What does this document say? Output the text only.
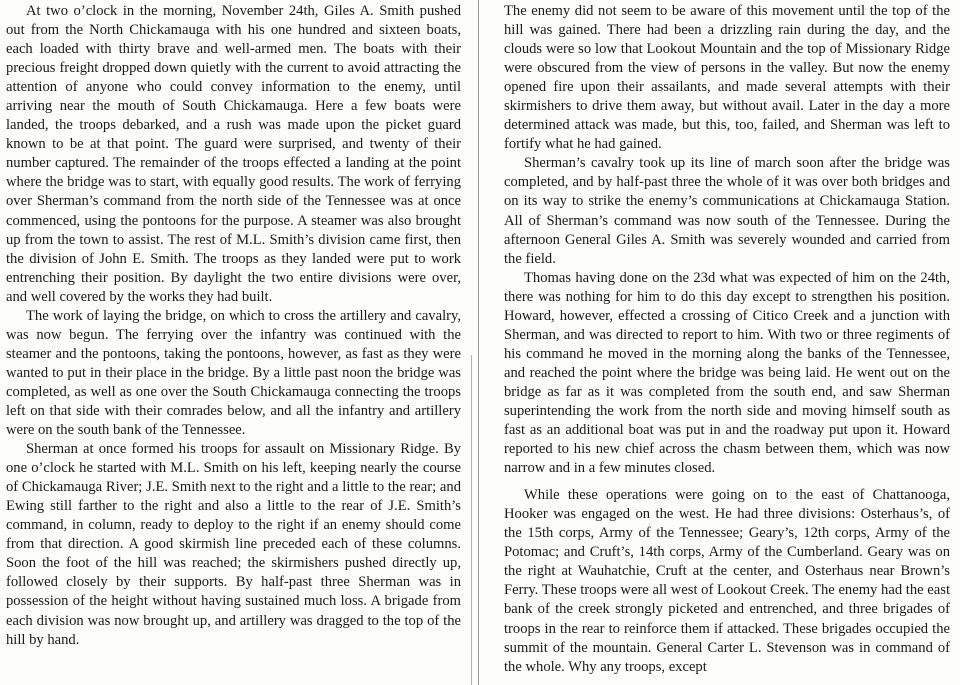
At two o’clock in the morning, November 24th, Giles A. Smith pushed out from the North Chickamauga with his one hundred and sixteen boats, each loaded with thirty brave and well-armed men. The boats with their precious freight dropped down quietly with the current to avoid attracting the attention of anyone who could convey information to the enemy, until arriving near the mouth of South Chickamauga. Here a few boats were landed, the troops debarked, and a rush was made upon the picket guard known to be at that point. The guard were surprised, and twenty of their number captured. The remainder of the troops effected a landing at the point where the bridge was to start, with equally good results. The work of ferrying over Sherman’s command from the north side of the Tennessee was at once commenced, using the pontoons for the purpose. A steamer was also brought up from the town to assist. The rest of M.L. Smith’s division came first, then the division of John E. Smith. The troops as they landed were put to work entrenching their position. By daylight the two entire divisions were over, and well covered by the works they had built.

The work of laying the bridge, on which to cross the artillery and cavalry, was now begun. The ferrying over the infantry was continued with the steamer and the pontoons, taking the pontoons, however, as fast as they were wanted to put in their place in the bridge. By a little past noon the bridge was completed, as well as one over the South Chickamauga connecting the troops left on that side with their comrades below, and all the infantry and artillery were on the south bank of the Tennessee.

Sherman at once formed his troops for assault on Missionary Ridge. By one o’clock he started with M.L. Smith on his left, keeping nearly the course of Chickamauga River; J.E. Smith next to the right and a little to the rear; and Ewing still farther to the right and also a little to the rear of J.E. Smith’s command, in column, ready to deploy to the right if an enemy should come from that direction. A good skirmish line preceded each of these columns. Soon the foot of the hill was reached; the skirmishers pushed directly up, followed closely by their supports. By half-past three Sherman was in possession of the height without having sustained much loss. A brigade from each division was now brought up, and artillery was dragged to the top of the hill by hand.

The enemy did not seem to be aware of this movement until the top of the hill was gained. There had been a drizzling rain during the day, and the clouds were so low that Lookout Mountain and the top of Missionary Ridge were obscured from the view of persons in the valley. But now the enemy opened fire upon their assailants, and made several attempts with their skirmishers to drive them away, but without avail. Later in the day a more determined attack was made, but this, too, failed, and Sherman was left to fortify what he had gained.

Sherman’s cavalry took up its line of march soon after the bridge was completed, and by half-past three the whole of it was over both bridges and on its way to strike the enemy’s communications at Chickamauga Station. All of Sherman’s command was now south of the Tennessee. During the afternoon General Giles A. Smith was severely wounded and carried from the field.

Thomas having done on the 23d what was expected of him on the 24th, there was nothing for him to do this day except to strengthen his position. Howard, however, effected a crossing of Citico Creek and a junction with Sherman, and was directed to report to him. With two or three regiments of his command he moved in the morning along the banks of the Tennessee, and reached the point where the bridge was being laid. He went out on the bridge as far as it was completed from the south end, and saw Sherman superintending the work from the north side and moving himself south as fast as an additional boat was put in and the roadway put upon it. Howard reported to his new chief across the chasm between them, which was now narrow and in a few minutes closed.

While these operations were going on to the east of Chattanooga, Hooker was engaged on the west. He had three divisions: Osterhaus’s, of the 15th corps, Army of the Tennessee; Geary’s, 12th corps, Army of the Potomac; and Cruft’s, 14th corps, Army of the Cumberland. Geary was on the right at Wauhatchie, Cruft at the center, and Osterhaus near Brown’s Ferry. These troops were all west of Lookout Creek. The enemy had the east bank of the creek strongly picketed and entrenched, and three brigades of troops in the rear to reinforce them if attacked. These brigades occupied the summit of the mountain. General Carter L. Stevenson was in command of the whole. Why any troops, except
